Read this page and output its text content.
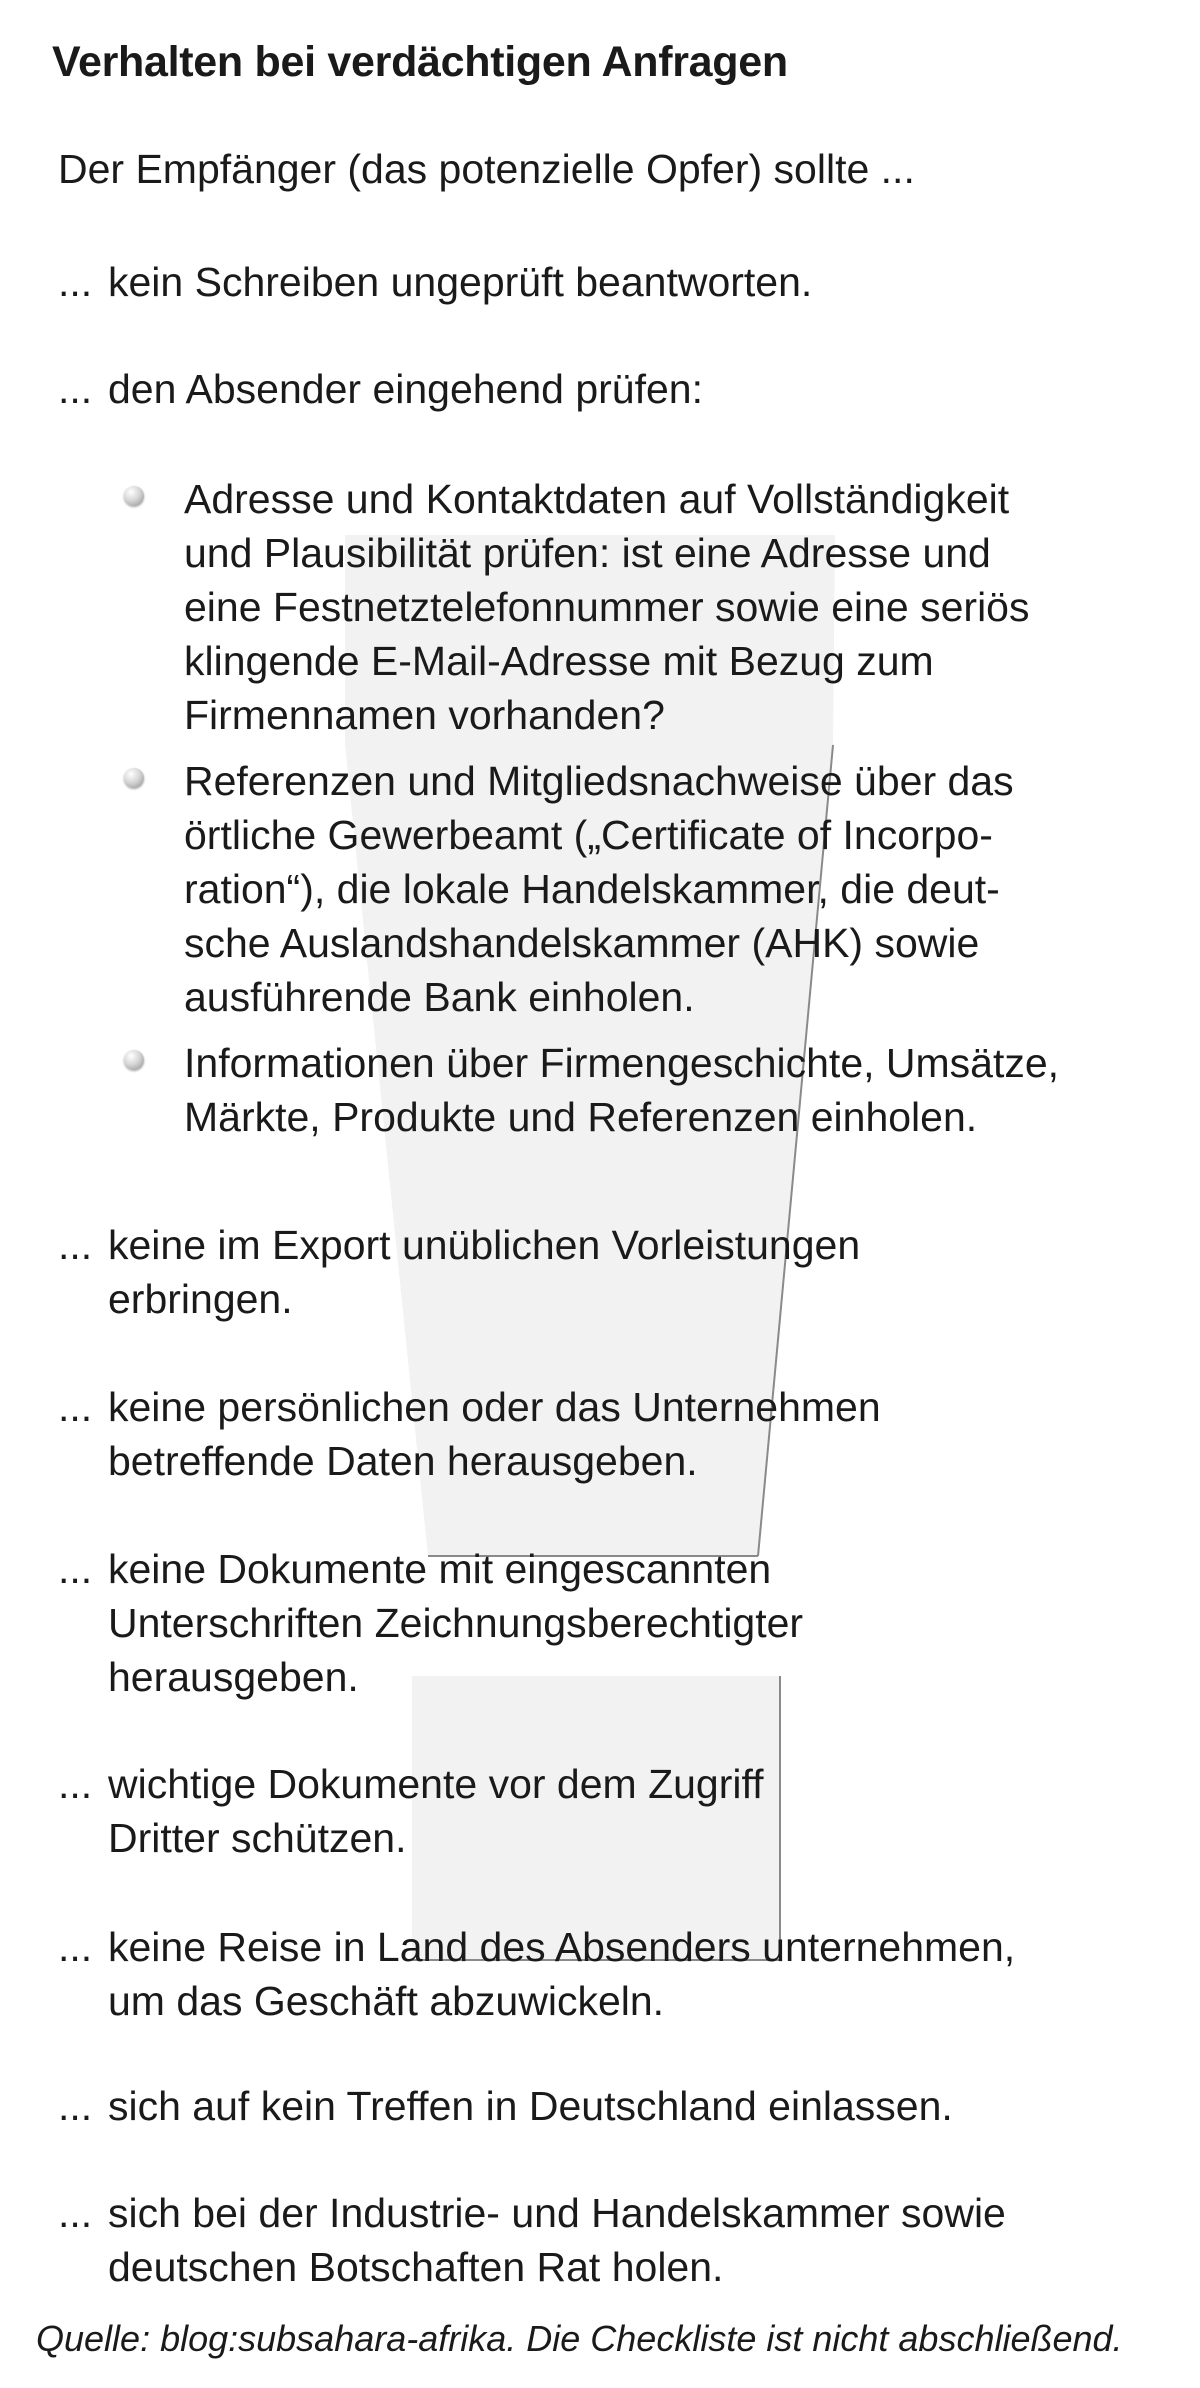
Verhalten bei verdächtigen Anfragen
Der Empfänger (das potenzielle Opfer) sollte ...
... kein Schreiben ungeprüft beantworten.
... den Absender eingehend prüfen:
Adresse und Kontaktdaten auf Vollständigkeit
und Plausibilität prüfen: ist eine Adresse und
eine Festnetztelefonnummer sowie eine seriös
klingende E-Mail-Adresse mit Bezug zum
Firmennamen vorhanden?
Referenzen und Mitgliedsnachweise über das
örtliche Gewerbeamt („Certificate of Incorpo-
ration“), die lokale Handelskammer, die deut-
sche Auslandshandelskammer (AHK) sowie
ausführende Bank einholen.
Informationen über Firmengeschichte, Umsätze,
Märkte, Produkte und Referenzen einholen.
... keine im Export unüblichen Vorleistungen
erbringen.
... keine persönlichen oder das Unternehmen
betreffende Daten herausgeben.
... keine Dokumente mit eingescannten
Unterschriften Zeichnungsberechtigter
herausgeben.
... wichtige Dokumente vor dem Zugriff
Dritter schützen.
... keine Reise in Land des Absenders unternehmen,
um das Geschäft abzuwickeln.
... sich auf kein Treffen in Deutschland einlassen.
... sich bei der Industrie- und Handelskammer sowie
deutschen Botschaften Rat holen.
Quelle: blog:subsahara-afrika. Die Checkliste ist nicht abschließend.
